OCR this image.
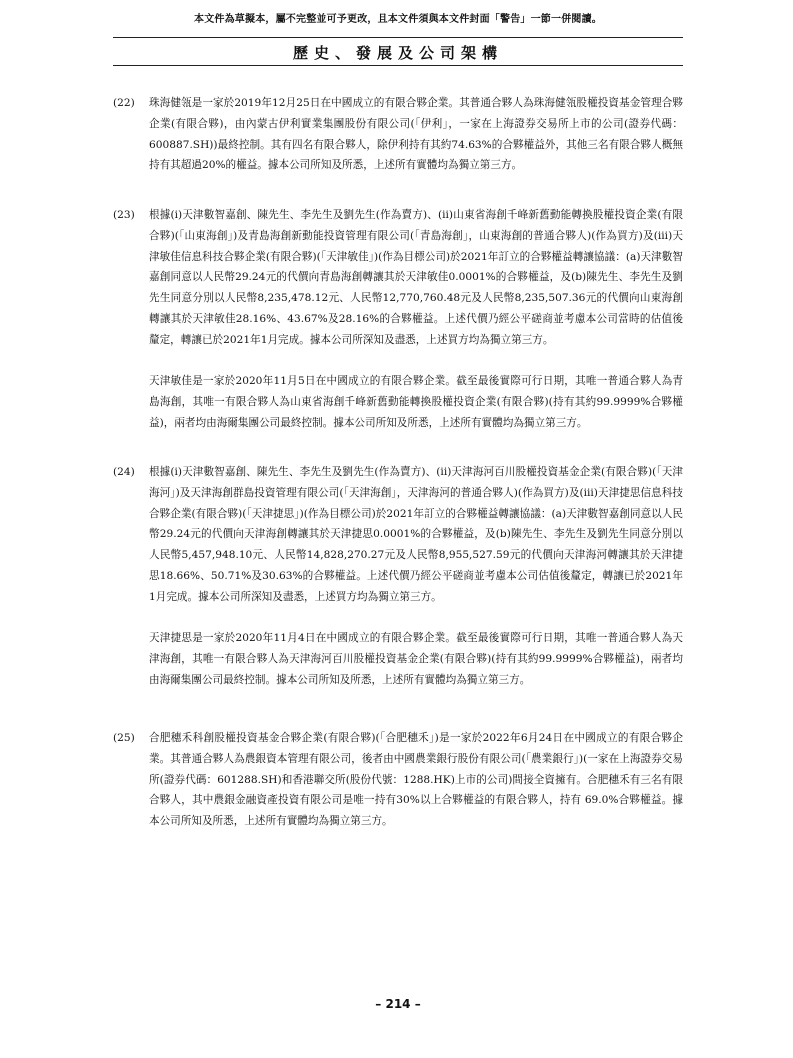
本文件為草擬本，屬不完整並可予更改，且本文件須與本文件封面「警告」一節一併閱讀。
歷史、發展及公司架構
(22) 珠海健瓴是一家於2019年12月25日在中國成立的有限合夥企業。其普通合夥人為珠海健瓴股權投資基金管理合夥企業(有限合夥)，由內蒙古伊利實業集團股份有限公司(「伊利」，一家在上海證券交易所上市的公司(證券代碼：600887.SH))最終控制。其有四名有限合夥人，除伊利持有其約74.63%的合夥權益外，其他三名有限合夥人概無持有其超過20%的權益。據本公司所知及所悉，上述所有實體均為獨立第三方。

(23) 根據(i)天津數智嘉創、陳先生、李先生及劉先生(作為賣方)、(ii)山東省海創千峰新舊動能轉換股權投資企業(有限合夥)(「山東海創」)及青島海創新動能投資管理有限公司(「青島海創」，山東海創的普通合夥人)(作為買方)及(iii)天津敏佳信息科技合夥企業(有限合夥)(「天津敏佳」)(作為目標公司)於2021年訂立的合夥權益轉讓協議：(a)天津數智嘉創同意以人民幣29.24元的代價向青島海創轉讓其於天津敏佳0.0001%的合夥權益，及(b)陳先生、李先生及劉先生同意分別以人民幣8,235,478.12元、人民幣12,770,760.48元及人民幣8,235,507.36元的代價向山東海創轉讓其於天津敏佳28.16%、43.67%及28.16%的合夥權益。上述代價乃經公平磋商並考慮本公司當時的估值後釐定，轉讓已於2021年1月完成。據本公司所深知及盡悉，上述買方均為獨立第三方。

天津敏佳是一家於2020年11月5日在中國成立的有限合夥企業。截至最後實際可行日期，其唯一普通合夥人為青島海創，其唯一有限合夥人為山東省海創千峰新舊動能轉換股權投資企業(有限合夥)(持有其約99.9999%合夥權益)，兩者均由海爾集團公司最終控制。據本公司所知及所悉，上述所有實體均為獨立第三方。

(24) 根據(i)天津數智嘉創、陳先生、李先生及劉先生(作為賣方)、(ii)天津海河百川股權投資基金企業(有限合夥)(「天津海河」)及天津海創群島投資管理有限公司(「天津海創」，天津海河的普通合夥人)(作為買方)及(iii)天津捷思信息科技合夥企業(有限合夥)(「天津捷思」)(作為目標公司)於2021年訂立的合夥權益轉讓協議：(a)天津數智嘉創同意以人民幣29.24元的代價向天津海創轉讓其於天津捷思0.0001%的合夥權益，及(b)陳先生、李先生及劉先生同意分別以人民幣5,457,948.10元、人民幣14,828,270.27元及人民幣8,955,527.59元的代價向天津海河轉讓其於天津捷思18.66%、50.71%及30.63%的合夥權益。上述代價乃經公平磋商並考慮本公司估值後釐定，轉讓已於2021年1月完成。據本公司所深知及盡悉，上述買方均為獨立第三方。

天津捷思是一家於2020年11月4日在中國成立的有限合夥企業。截至最後實際可行日期，其唯一普通合夥人為天津海創，其唯一有限合夥人為天津海河百川股權投資基金企業(有限合夥)(持有其約99.9999%合夥權益)，兩者均由海爾集團公司最終控制。據本公司所知及所悉，上述所有實體均為獨立第三方。

(25) 合肥穗禾科創股權投資基金合夥企業(有限合夥)(「合肥穗禾」)是一家於2022年6月24日在中國成立的有限合夥企業。其普通合夥人為農銀資本管理有限公司，後者由中國農業銀行股份有限公司(「農業銀行」)(一家在上海證券交易所(證券代碼：601288.SH)和香港聯交所(股份代號：1288.HK)上市的公司)間接全資擁有。合肥穗禾有三名有限合夥人，其中農銀金融資產投資有限公司是唯一持有30%以上合夥權益的有限合夥人，持有 69.0%合夥權益。據本公司所知及所悉，上述所有實體均為獨立第三方。

– 214 –
